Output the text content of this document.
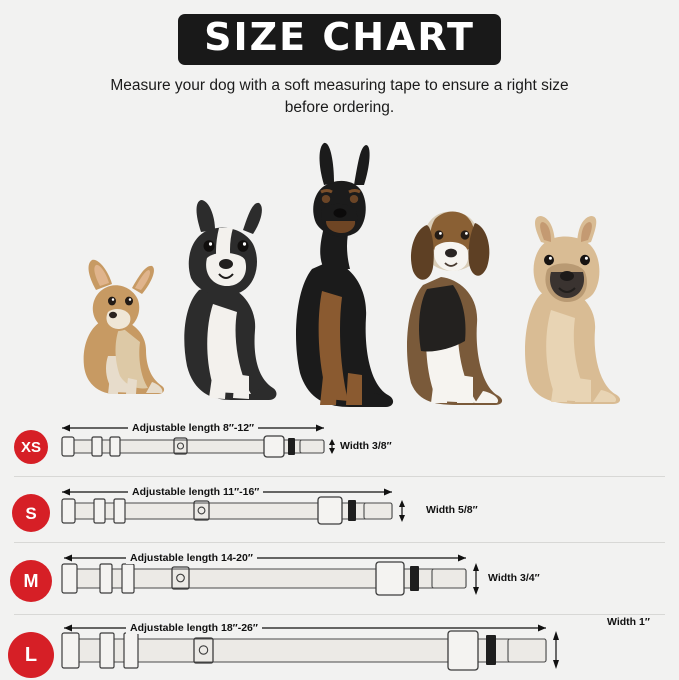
SIZE CHART
Measure your dog with a soft measuring tape to ensure a right size before ordering.
XS
Adjustable length 8″-12″
Width 3/8″
S
Adjustable length 11″-16″
Width 5/8″
M
Adjustable length 14-20″
Width 3/4″
L
Adjustable length 18″-26″	Width 1″
